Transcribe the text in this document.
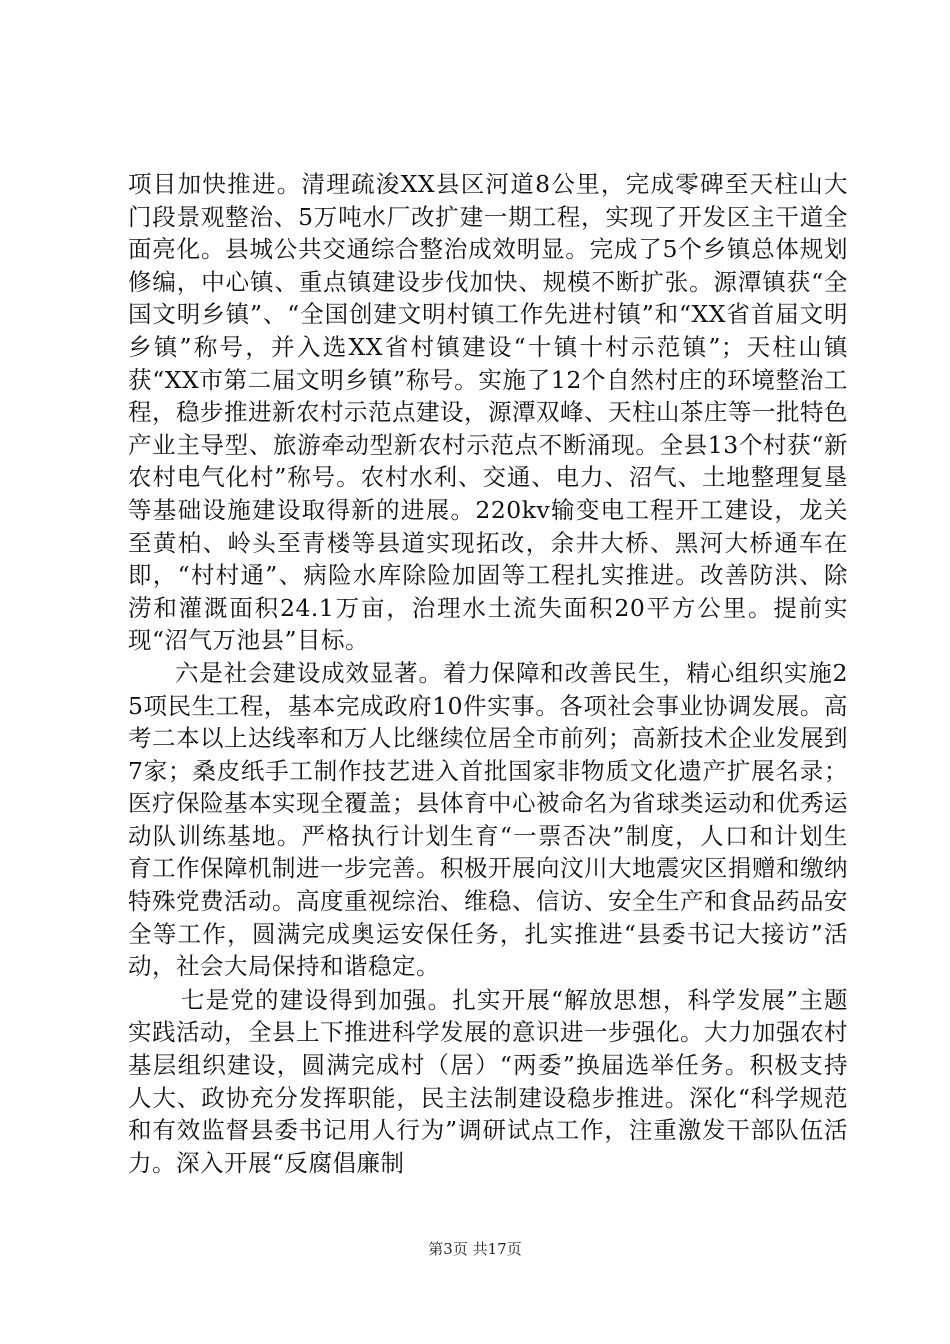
项目加快推进。清理疏浚XX县区河道8公里，完成零碑至天柱山大门段景观整治、5万吨水厂改扩建一期工程，实现了开发区主干道全面亮化。县城公共交通综合整治成效明显。完成了5个乡镇总体规划修编，中心镇、重点镇建设步伐加快、规模不断扩张。源潭镇获“全国文明乡镇”、“全国创建文明村镇工作先进村镇”和“XX省首届文明乡镇”称号，并入选XX省村镇建设“十镇十村示范镇”；天柱山镇获“XX市第二届文明乡镇”称号。实施了12个自然村庄的环境整治工程，稳步推进新农村示范点建设，源潭双峰、天柱山茶庄等一批特色产业主导型、旅游牵动型新农村示范点不断涌现。全县13个村获“新农村电气化村”称号。农村水利、交通、电力、沼气、土地整理复垦等基础设施建设取得新的进展。220kv输变电工程开工建设，龙关至黄柏、岭头至青楼等县道实现拓改，余井大桥、黑河大桥通车在即，“村村通”、病险水库除险加固等工程扎实推进。改善防洪、除涝和灌溉面积24.1万亩，治理水土流失面积20平方公里。提前实现“沼气万池县”目标。

六是社会建设成效显著。着力保障和改善民生，精心组织实施25项民生工程，基本完成政府10件实事。各项社会事业协调发展。高考二本以上达线率和万人比继续位居全市前列；高新技术企业发展到7家；桑皮纸手工制作技艺进入首批国家非物质文化遗产扩展名录；医疗保险基本实现全覆盖；县体育中心被命名为省球类运动和优秀运动队训练基地。严格执行计划生育“一票否决”制度，人口和计划生育工作保障机制进一步完善。积极开展向汶川大地震灾区捐赠和缴纳特殊党费活动。高度重视综治、维稳、信访、安全生产和食品药品安全等工作，圆满完成奥运安保任务，扎实推进“县委书记大接访”活动，社会大局保持和谐稳定。

七是党的建设得到加强。扎实开展“解放思想，科学发展”主题实践活动，全县上下推进科学发展的意识进一步强化。大力加强农村基层组织建设，圆满完成村（居）“两委”换届选举任务。积极支持人大、政协充分发挥职能，民主法制建设稳步推进。深化“科学规范和有效监督县委书记用人行为”调研试点工作，注重激发干部队伍活力。深入开展“反腐倡廉制

第3页 共17页
